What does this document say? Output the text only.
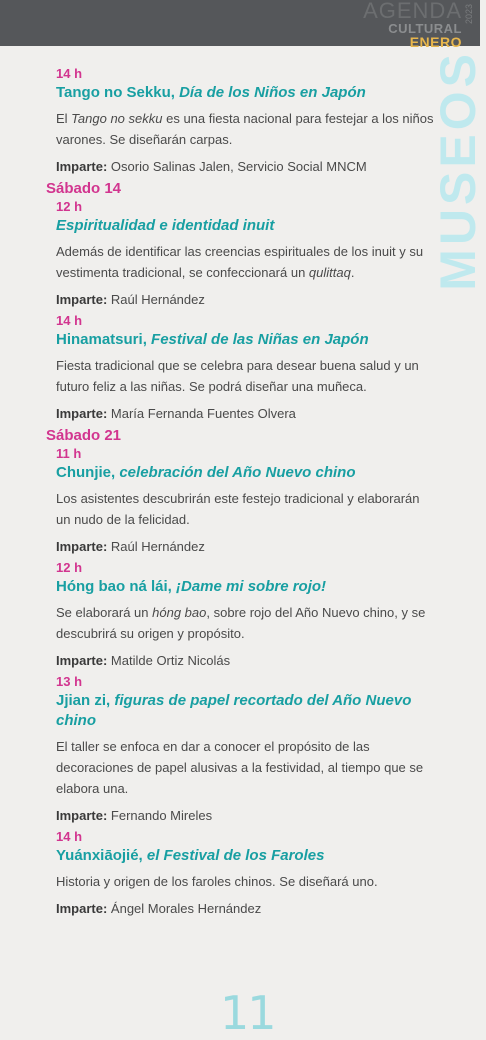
AGENDA
CULTURAL
ENERO
2023
MUSEOS
14 h
Tango no Sekku, Día de los Niños en Japón
El Tango no sekku es una fiesta nacional para festejar a los niños varones. Se diseñarán carpas.
Imparte: Osorio Salinas Jalen, Servicio Social MNCM
Sábado 14
12 h
Espiritualidad e identidad inuit
Además de identificar las creencias espirituales de los inuit y su vestimenta tradicional, se confeccionará un qulittaq.
Imparte: Raúl Hernández
14 h
Hinamatsuri, Festival de las Niñas en Japón
Fiesta tradicional que se celebra para desear buena salud y un futuro feliz a las niñas. Se podrá diseñar una muñeca.
Imparte: María Fernanda Fuentes Olvera
Sábado 21
11 h
Chunjie, celebración del Año Nuevo chino
Los asistentes descubrirán este festejo tradicional y elaborarán un nudo de la felicidad.
Imparte: Raúl Hernández
12 h
Hóng bao ná lái, ¡Dame mi sobre rojo!
Se elaborará un hóng bao, sobre rojo del Año Nuevo chino, y se descubrirá su origen y propósito.
Imparte: Matilde Ortiz Nicolás
13 h
Jjian zi, figuras de papel recortado del Año Nuevo chino
El taller se enfoca en dar a conocer el propósito de las decoraciones de papel alusivas a la festividad, al tiempo que se elabora una.
Imparte: Fernando Mireles
14 h
Yuánxiāojié, el Festival de los Faroles
Historia y origen de los faroles chinos. Se diseñará uno.
Imparte: Ángel Morales Hernández
11
